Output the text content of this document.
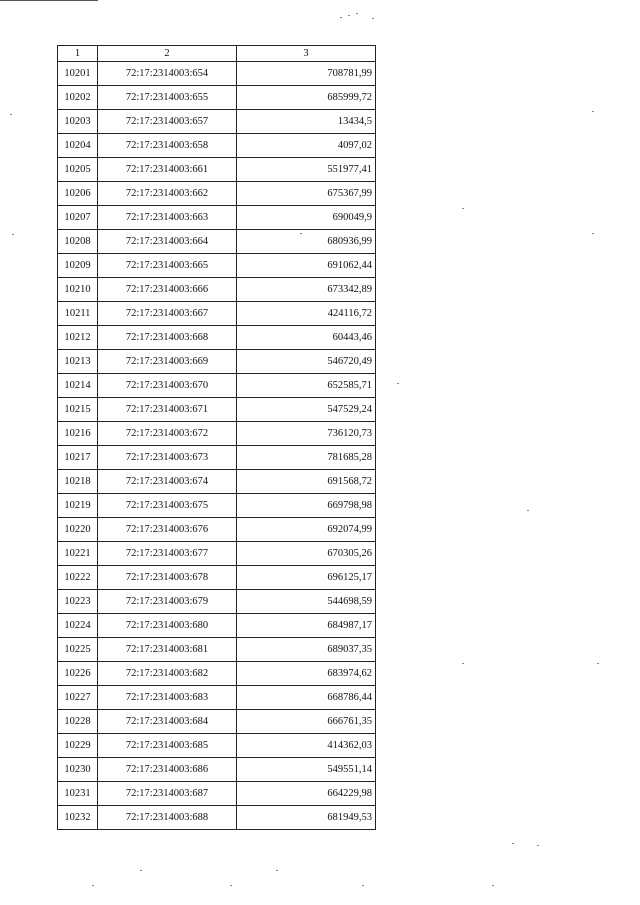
1	2	3
10201	72:17:2314003:654	708781,99
10202	72:17:2314003:655	685999,72
10203	72:17:2314003:657	13434,5
10204	72:17:2314003:658	4097,02
10205	72:17:2314003:661	551977,41
10206	72:17:2314003:662	675367,99
10207	72:17:2314003:663	690049,9
10208	72:17:2314003:664	680936,99
10209	72:17:2314003:665	691062,44
10210	72:17:2314003:666	673342,89
10211	72:17:2314003:667	424116,72
10212	72:17:2314003:668	60443,46
10213	72:17:2314003:669	546720,49
10214	72:17:2314003:670	652585,71
10215	72:17:2314003:671	547529,24
10216	72:17:2314003:672	736120,73
10217	72:17:2314003:673	781685,28
10218	72:17:2314003:674	691568,72
10219	72:17:2314003:675	669798,98
10220	72:17:2314003:676	692074,99
10221	72:17:2314003:677	670305,26
10222	72:17:2314003:678	696125,17
10223	72:17:2314003:679	544698,59
10224	72:17:2314003:680	684987,17
10225	72:17:2314003:681	689037,35
10226	72:17:2314003:682	683974,62
10227	72:17:2314003:683	668786,44
10228	72:17:2314003:684	666761,35
10229	72:17:2314003:685	414362,03
10230	72:17:2314003:686	549551,14
10231	72:17:2314003:687	664229,98
10232	72:17:2314003:688	681949,53
